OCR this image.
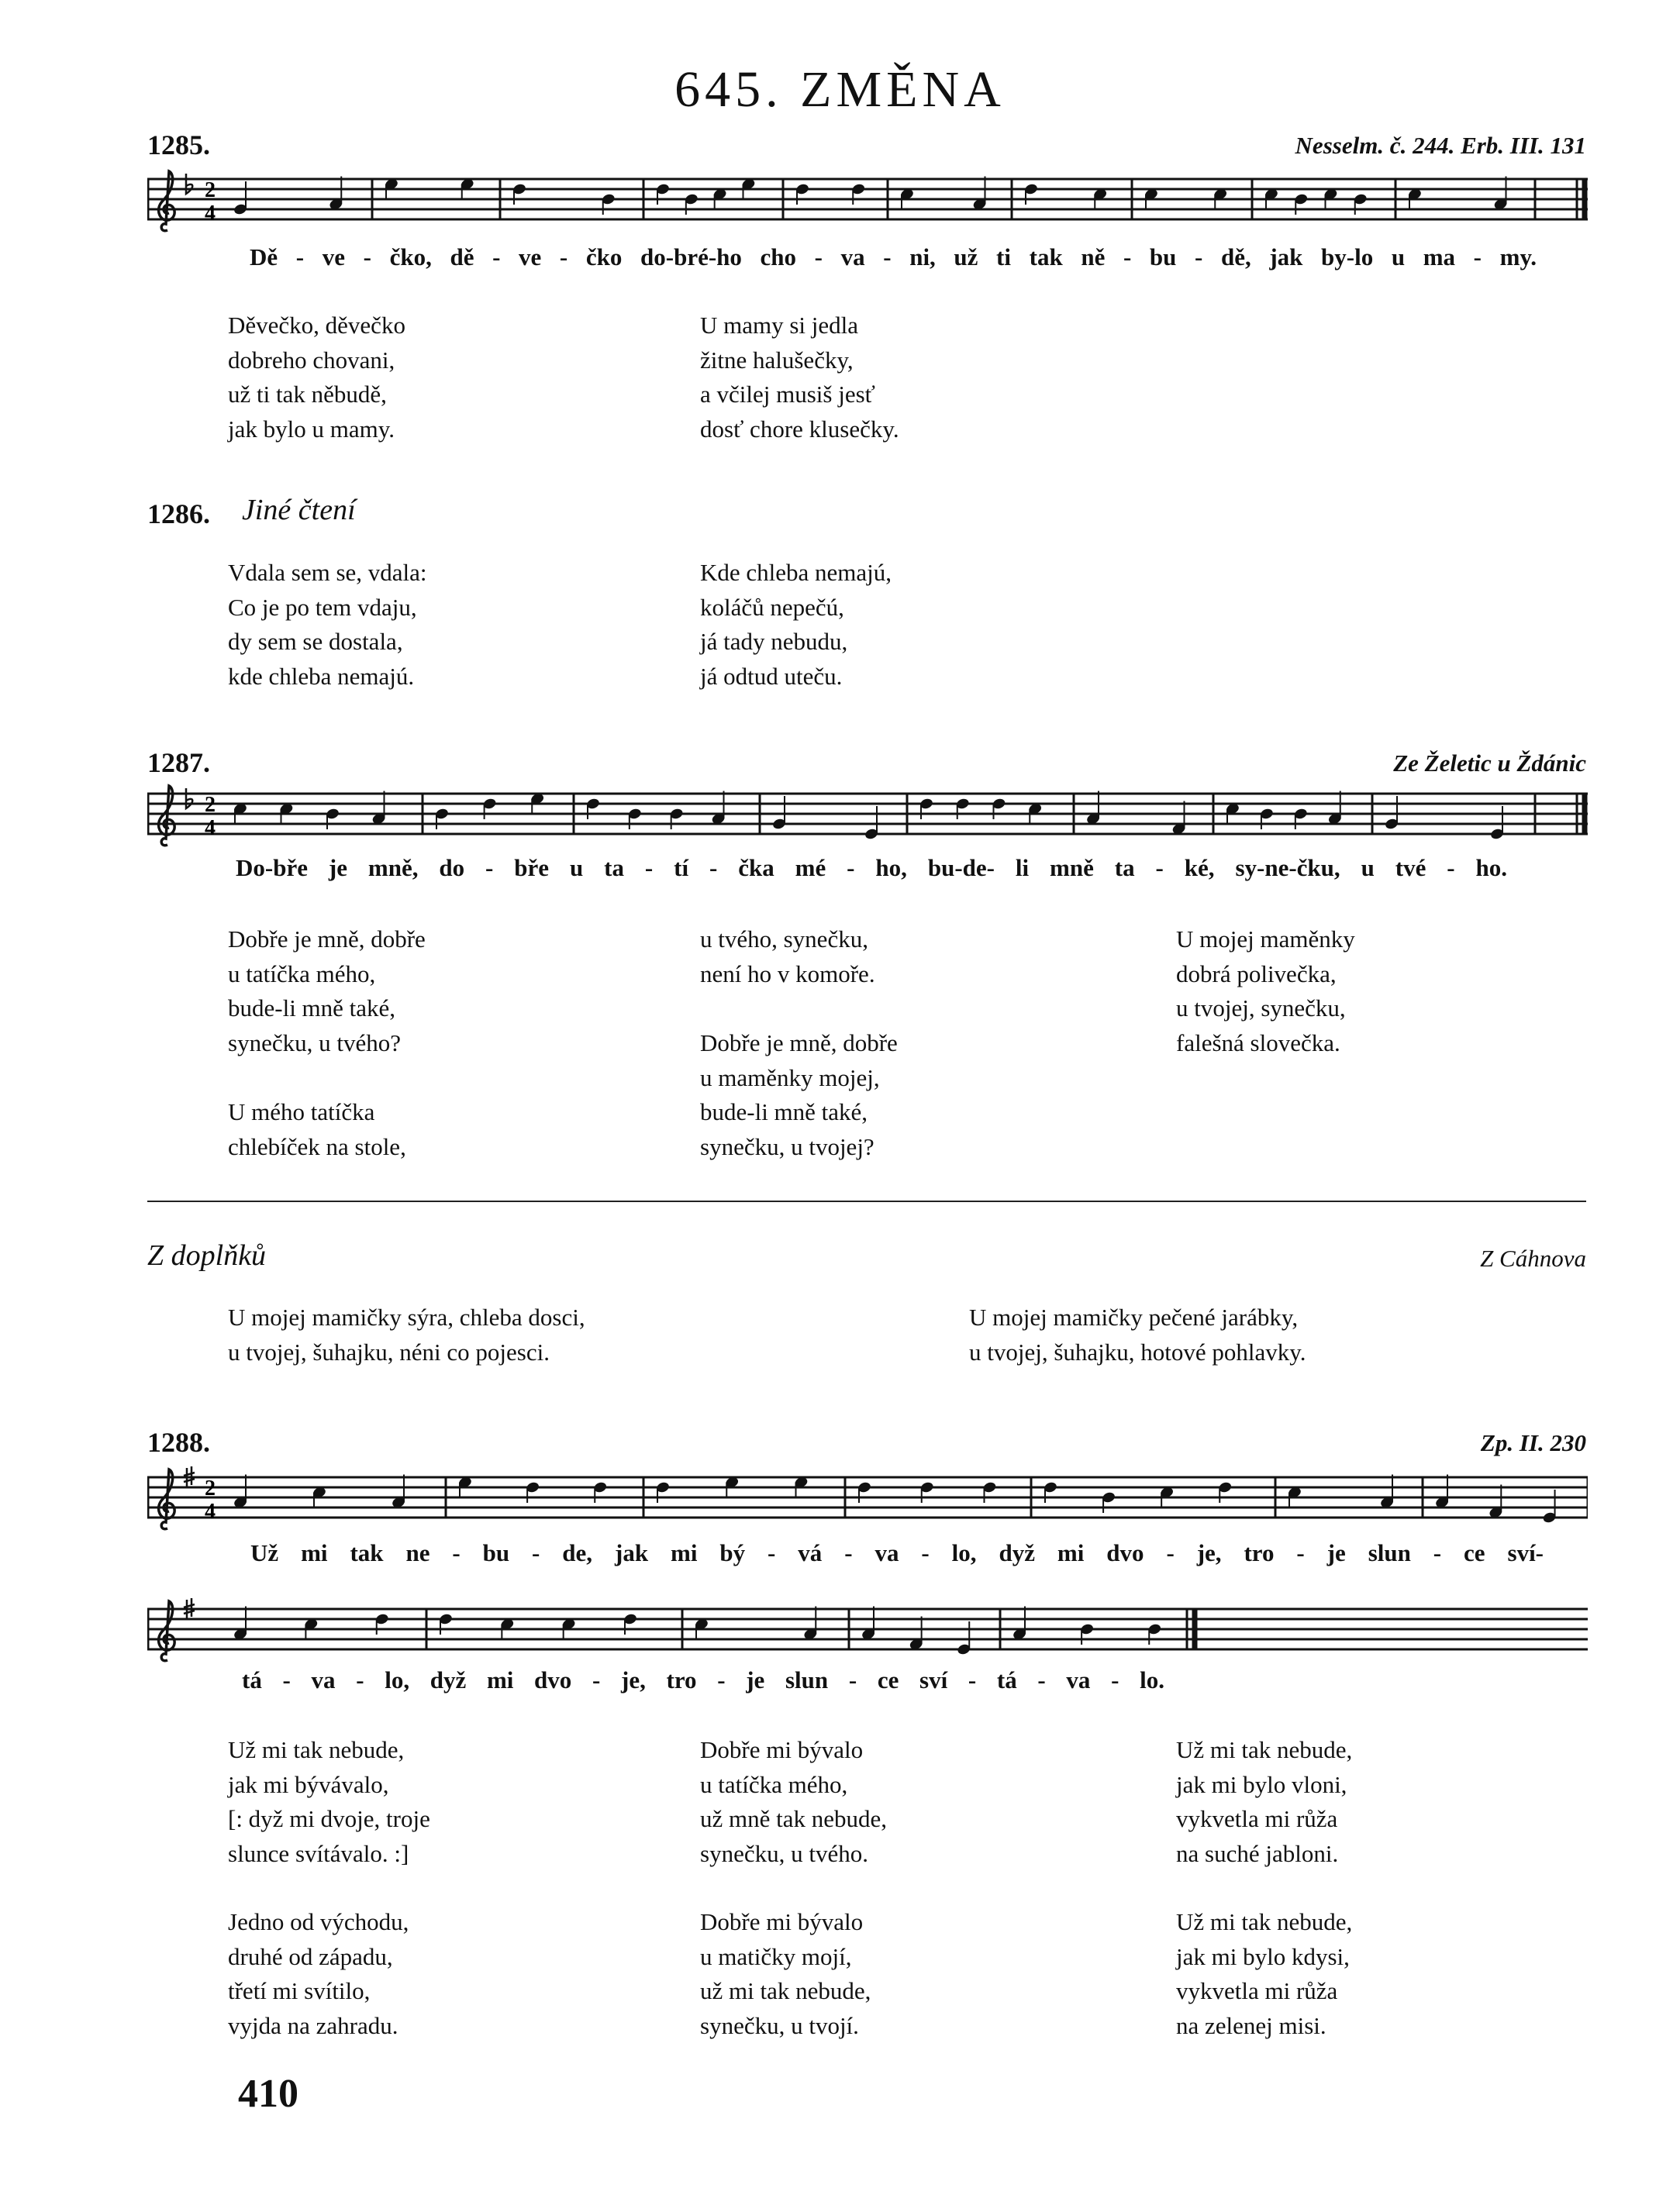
645. ZMĚNA
1285.	Nesselm. č. 244. Erb. III. 131
2
4
Dě - ve - čko, dě - ve - čko do-bré-ho cho - va - ni, už ti tak ně - bu - dě, jak by-lo u ma - my.
Děvečko, děvečko
dobreho chovani,
už ti tak něbudě,
jak bylo u mamy.
U mamy si jedla
žitne halušečky,
a včilej musiš jesť
dosť chore klusečky.
1286. Jiné čtení
Vdala sem se, vdala:
Co je po tem vdaju,
dy sem se dostala,
kde chleba nemajú.
Kde chleba nemajú,
koláčů nepečú,
já tady nebudu,
já odtud uteču.
1287.	Ze Želetic u Ždánic
2
4
Do-bře je mně, do - bře u ta - tí - čka mé - ho, bu-de- li mně ta - ké, sy-ne-čku, u tvé - ho.
Dobře je mně, dobře
u tatíčka mého,
bude-li mně také,
synečku, u tvého?
U mého tatíčka
chlebíček na stole,
u tvého, synečku,
není ho v komoře.
Dobře je mně, dobře
u maměnky mojej,
bude-li mně také,
synečku, u tvojej?
U mojej maměnky
dobrá polivečka,
u tvojej, synečku,
falešná slovečka.
Z doplňků	Z Cáhnova
U mojej mamičky sýra, chleba dosci,
u tvojej, šuhajku, néni co pojesci.
U mojej mamičky pečené jarábky,
u tvojej, šuhajku, hotové pohlavky.
1288.	Zp. II. 230
2
4
Už mi tak ne - bu - de, jak mi bý - vá - va - lo, dyž mi dvo - je, tro - je slun - ce sví-
tá - va - lo, dyž mi dvo - je, tro - je slun - ce sví - tá - va - lo.
Už mi tak nebude,
jak mi bývávalo,
[: dyž mi dvoje, troje
slunce svítávalo. :]
Jedno od východu,
druhé od západu,
třetí mi svítilo,
vyjda na zahradu.
Dobře mi bývalo
u tatíčka mého,
už mně tak nebude,
synečku, u tvého.
Dobře mi bývalo
u matičky mojí,
už mi tak nebude,
synečku, u tvojí.
Už mi tak nebude,
jak mi bylo vloni,
vykvetla mi růža
na suché jabloni.
Už mi tak nebude,
jak mi bylo kdysi,
vykvetla mi růža
na zelenej misi.
410
